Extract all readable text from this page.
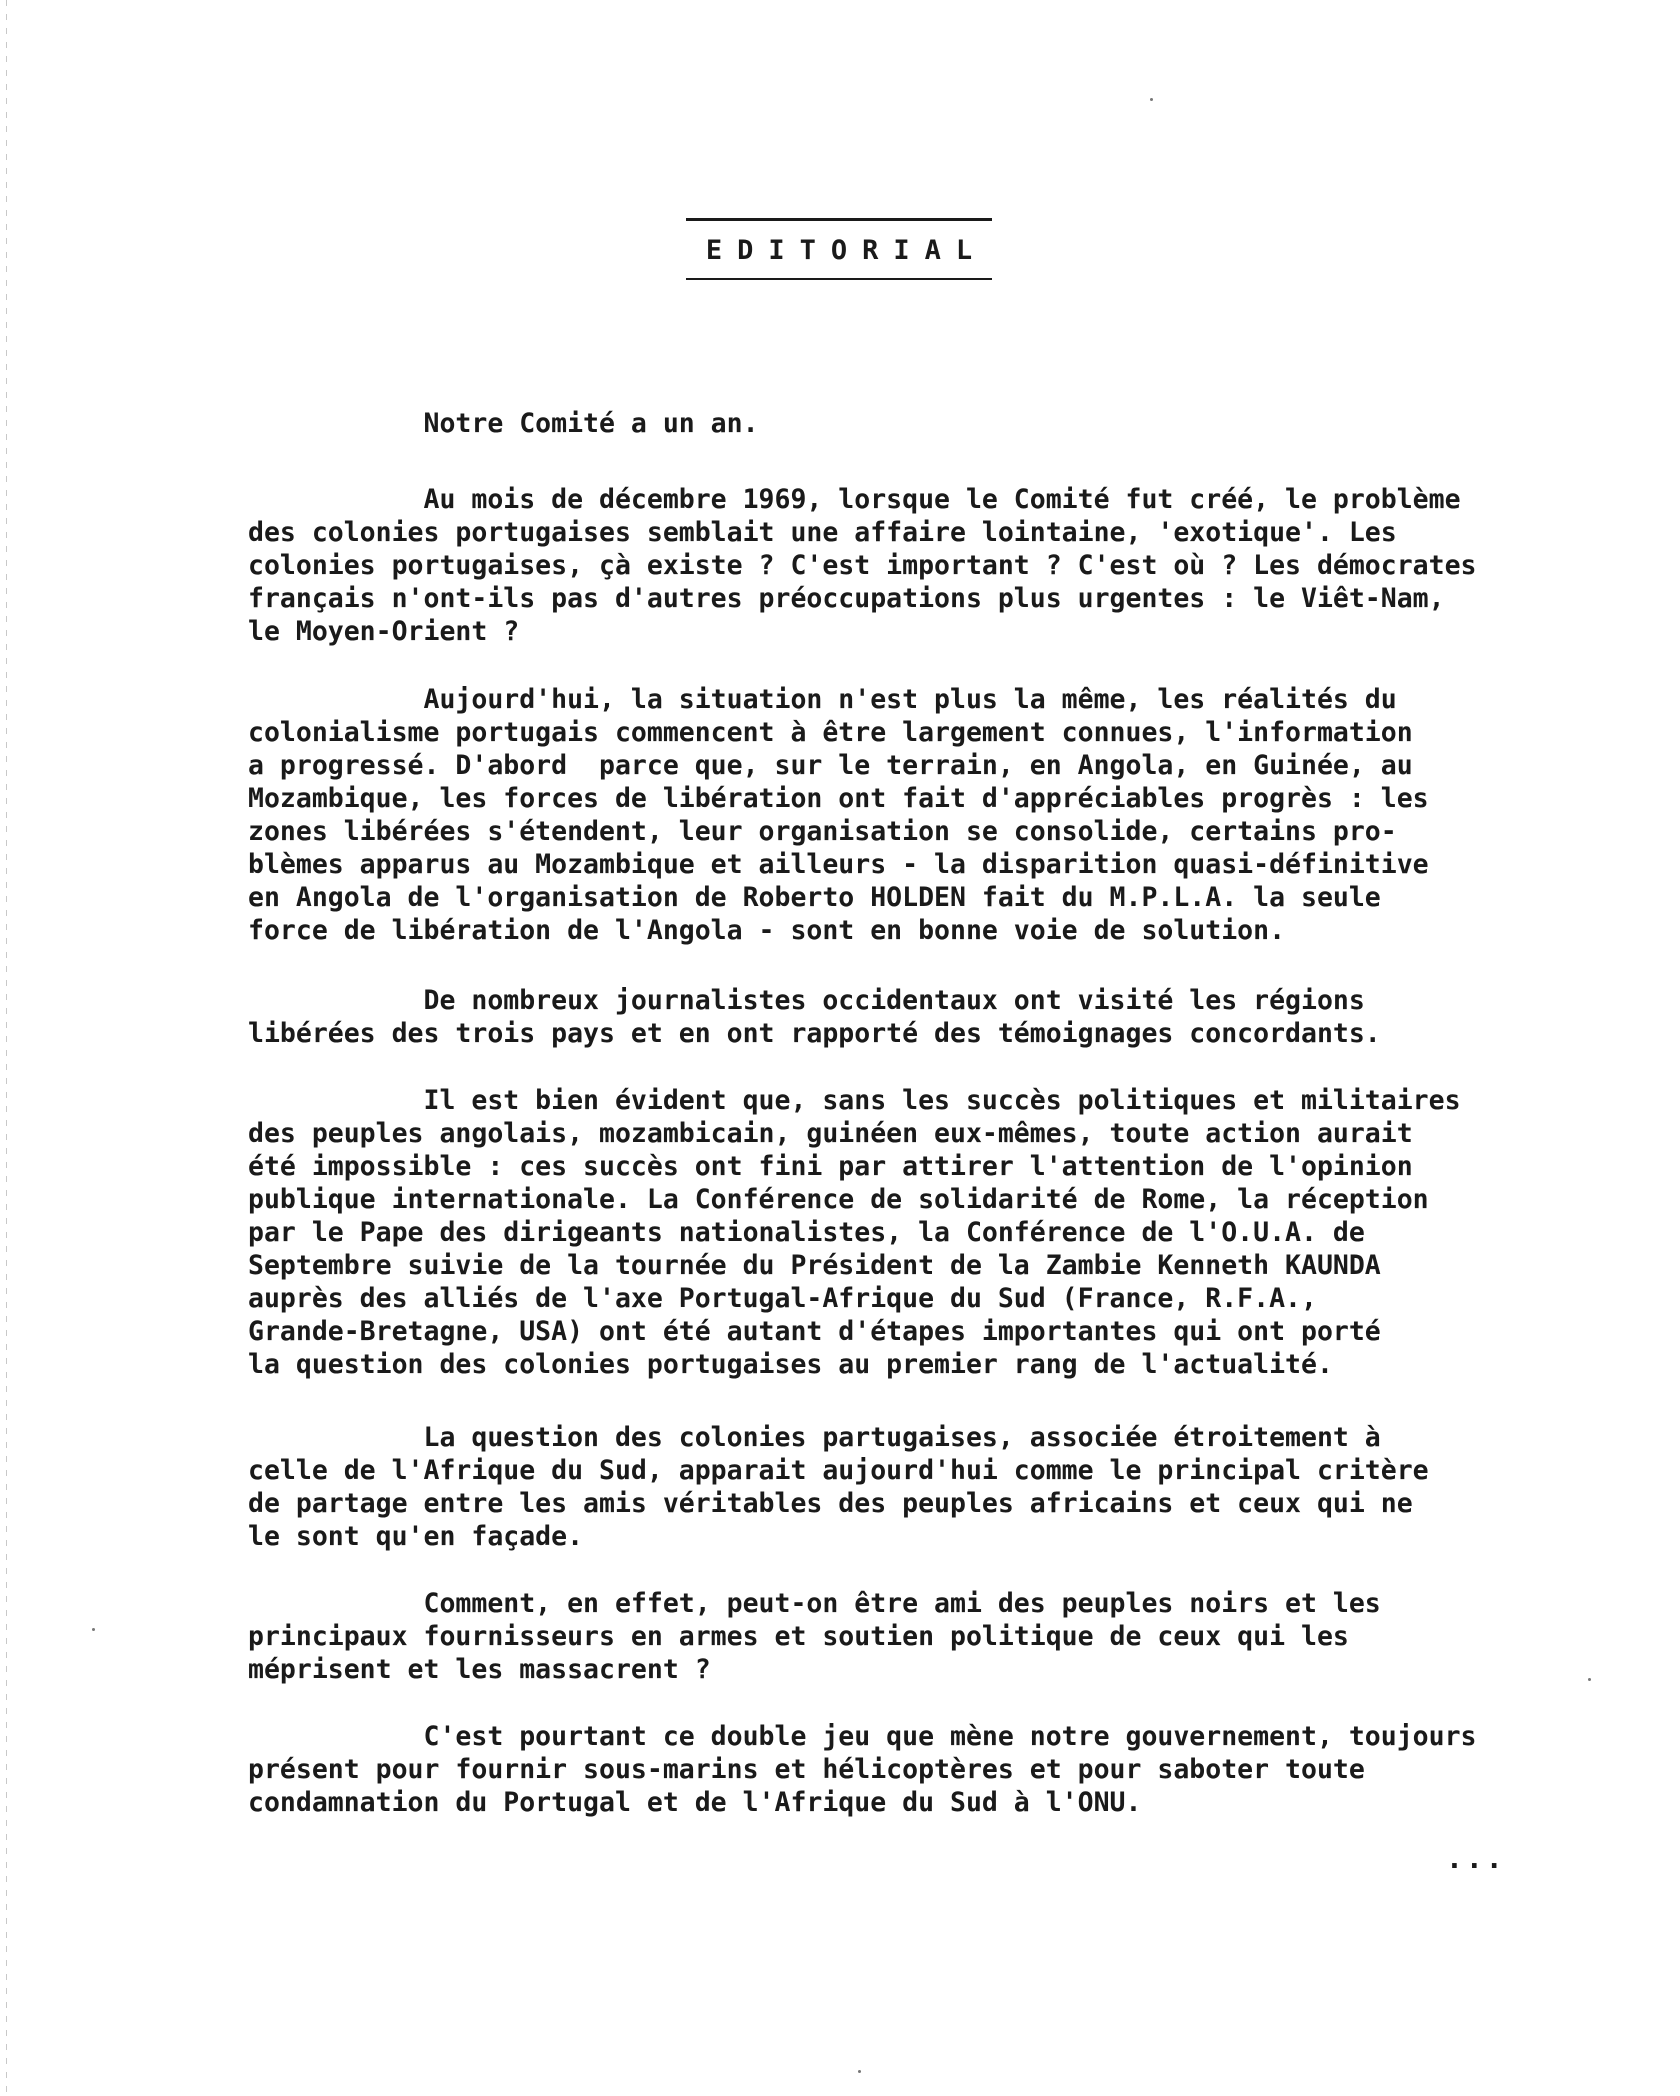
EDITORIAL
Notre Comité a un an.
Au mois de décembre 1969, lorsque le Comité fut créé, le problème
des colonies portugaises semblait une affaire lointaine, 'exotique'. Les
colonies portugaises, çà existe ? C'est important ? C'est où ? Les démocrates
français n'ont-ils pas d'autres préoccupations plus urgentes : le Viêt-Nam,
le Moyen-Orient ?
Aujourd'hui, la situation n'est plus la même, les réalités du
colonialisme portugais commencent à être largement connues, l'information
a progressé. D'abord  parce que, sur le terrain, en Angola, en Guinée, au
Mozambique, les forces de libération ont fait d'appréciables progrès : les
zones libérées s'étendent, leur organisation se consolide, certains pro-
blèmes apparus au Mozambique et ailleurs - la disparition quasi-définitive
en Angola de l'organisation de Roberto HOLDEN fait du M.P.L.A. la seule
force de libération de l'Angola - sont en bonne voie de solution.
De nombreux journalistes occidentaux ont visité les régions
libérées des trois pays et en ont rapporté des témoignages concordants.
Il est bien évident que, sans les succès politiques et militaires
des peuples angolais, mozambicain, guinéen eux-mêmes, toute action aurait
été impossible : ces succès ont fini par attirer l'attention de l'opinion
publique internationale. La Conférence de solidarité de Rome, la réception
par le Pape des dirigeants nationalistes, la Conférence de l'O.U.A. de
Septembre suivie de la tournée du Président de la Zambie Kenneth KAUNDA
auprès des alliés de l'axe Portugal-Afrique du Sud (France, R.F.A.,
Grande-Bretagne, USA) ont été autant d'étapes importantes qui ont porté
la question des colonies portugaises au premier rang de l'actualité.
La question des colonies partugaises, associée étroitement à
celle de l'Afrique du Sud, apparait aujourd'hui comme le principal critère
de partage entre les amis véritables des peuples africains et ceux qui ne
le sont qu'en façade.
Comment, en effet, peut-on être ami des peuples noirs et les
principaux fournisseurs en armes et soutien politique de ceux qui les
méprisent et les massacrent ?
C'est pourtant ce double jeu que mène notre gouvernement, toujours
présent pour fournir sous-marins et hélicoptères et pour saboter toute
condamnation du Portugal et de l'Afrique du Sud à l'ONU.
...
